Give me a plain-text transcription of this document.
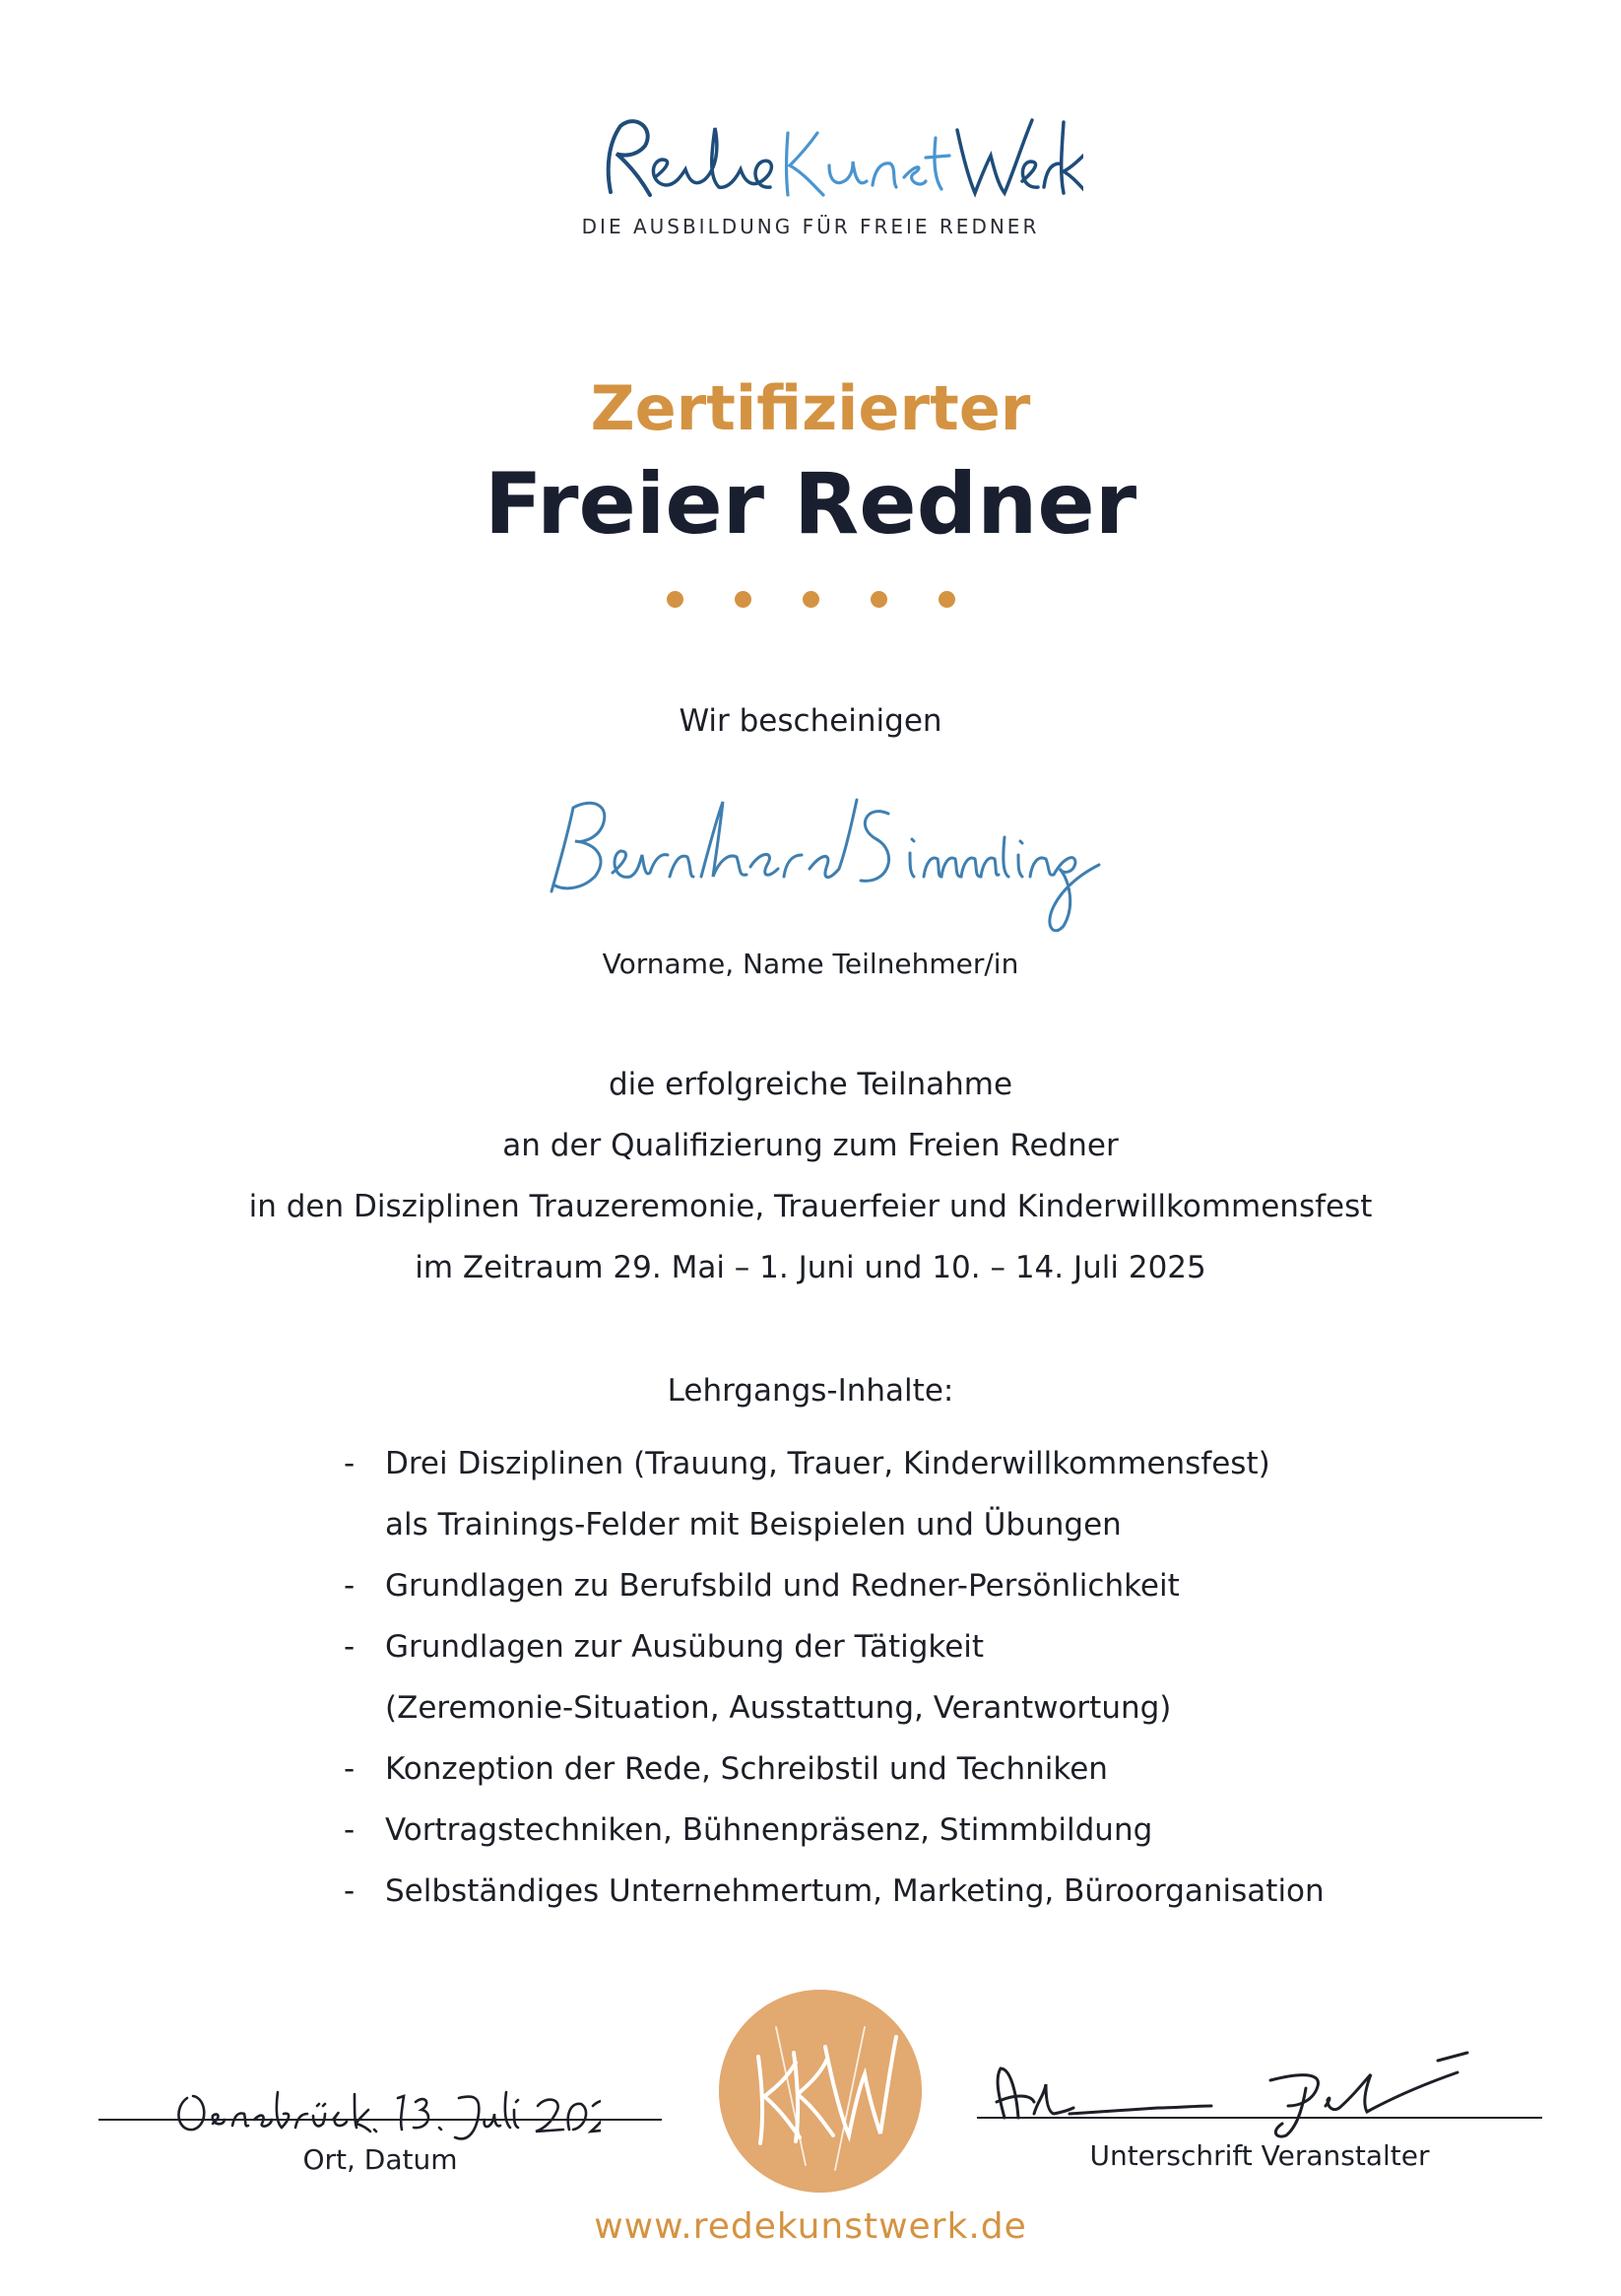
DIE AUSBILDUNG FÜR FREIE REDNER
Zertifizierter
Freier Redner
Wir bescheinigen
Vorname, Name Teilnehmer/in
die erfolgreiche Teilnahme
an der Qualifizierung zum Freien Redner
in den Disziplinen Trauzeremonie, Trauerfeier und Kinderwillkommensfest
im Zeitraum 29. Mai – 1. Juni und 10. – 14. Juli 2025
Lehrgangs-Inhalte:
- Drei Disziplinen (Trauung, Trauer, Kinderwillkommensfest)
als Trainings-Felder mit Beispielen und Übungen
- Grundlagen zu Berufsbild und Redner-Persönlichkeit
- Grundlagen zur Ausübung der Tätigkeit
(Zeremonie-Situation, Ausstattung, Verantwortung)
- Konzeption der Rede, Schreibstil und Techniken
- Vortragstechniken, Bühnenpräsenz, Stimmbildung
- Selbständiges Unternehmertum, Marketing, Büroorganisation
Ort, Datum	Unterschrift Veranstalter
www.redekunstwerk.de
